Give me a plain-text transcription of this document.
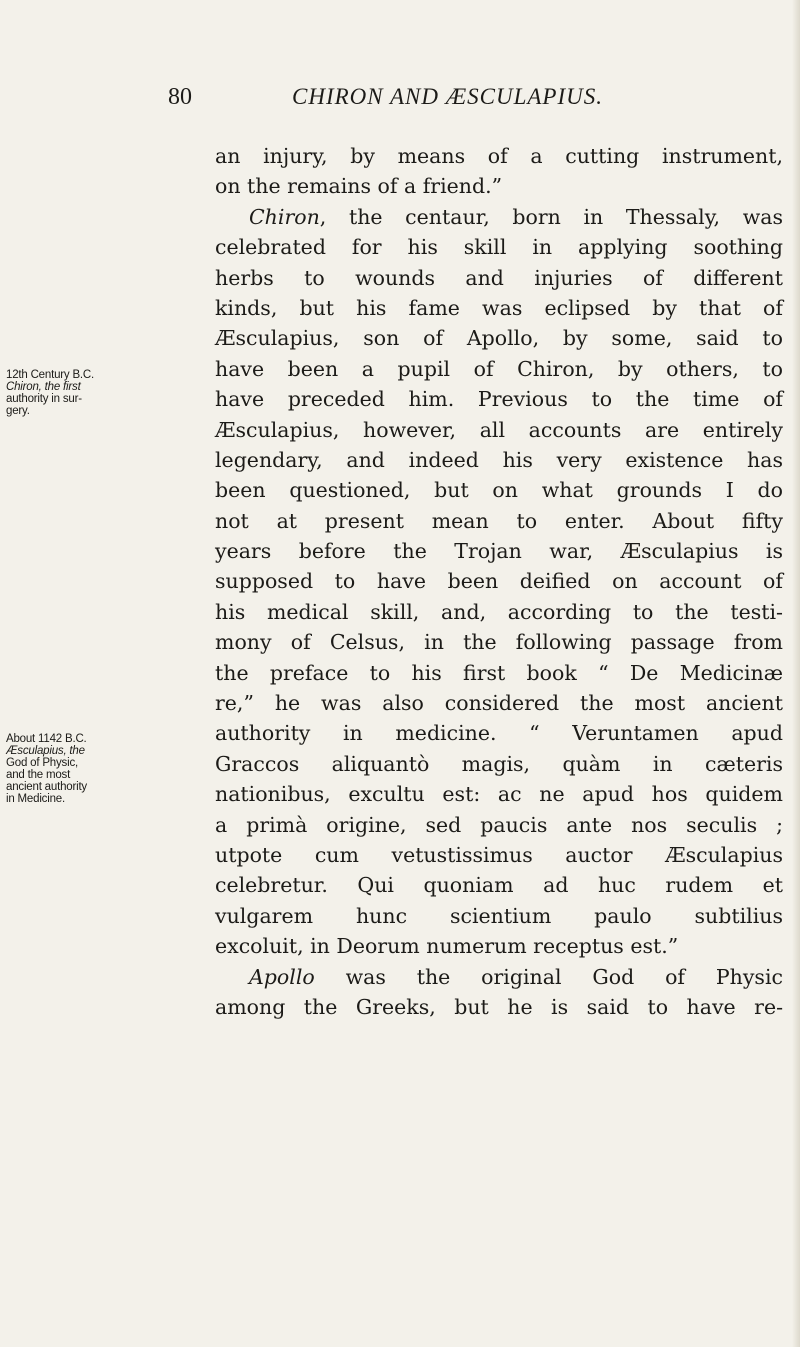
80	CHIRON AND ÆSCULAPIUS.
12th Century B.C.
Chiron, the first
authority in sur-
gery.
About 1142 B.C.
Æsculapius, the
God of Physic,
and the most
ancient authority
in Medicine.
an injury, by means of a cutting instrument,
on the remains of a friend.”
Chiron, the centaur, born in Thessaly, was
celebrated for his skill in applying soothing
herbs to wounds and injuries of different
kinds, but his fame was eclipsed by that of
Æsculapius, son of Apollo, by some, said to
have been a pupil of Chiron, by others, to
have preceded him. Previous to the time of
Æsculapius, however, all accounts are entirely
legendary, and indeed his very existence has
been questioned, but on what grounds I do
not at present mean to enter. About fifty
years before the Trojan war, Æsculapius is
supposed to have been deified on account of
his medical skill, and, according to the testi-
mony of Celsus, in the following passage from
the preface to his first book “ De Medicinæ
re,” he was also considered the most ancient
authority in medicine. “ Veruntamen apud
Graccos aliquantò magis, quàm in cæteris
nationibus, excultu est: ac ne apud hos quidem
a primà origine, sed paucis ante nos seculis ;
utpote cum vetustissimus auctor Æsculapius
celebretur. Qui quoniam ad huc rudem et
vulgarem hunc scientium paulo subtilius
excoluit, in Deorum numerum receptus est.”
Apollo was the original God of Physic
among the Greeks, but he is said to have re-
